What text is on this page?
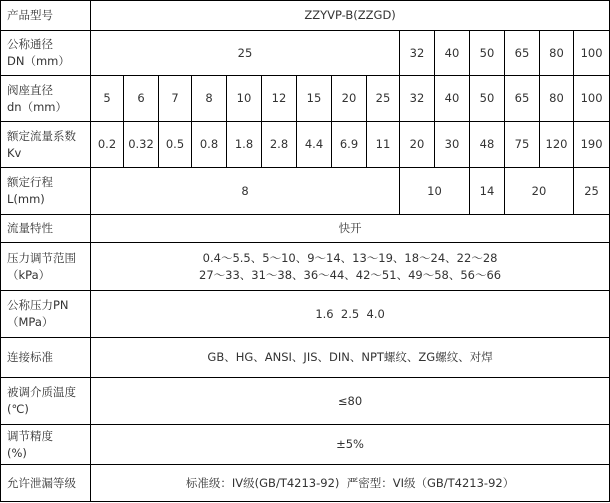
产品型号	ZZYVP-B(ZZGD)														

公称通径
DN（mm）	25									32	40	50	65	80	100

阀座直径
dn（mm）	5	6	7	8	10	12	15	20	25	32	40	50	65	80	100

额定流量系数
Kv	0.2	0.32	0.5	0.8	1.8	2.8	4.4	6.9	11	20	30	48	75	120	190

额定行程
L(mm)	8									10		14	20		25
流量特性	快开														

压力调节范围
（kPa）	0.4～5.5、5～10、9～14、13～19、18～24、22～28
27～33、31～38、36～44、42～51、49～58、56～66														

公称压力PN
（MPa）	1.6  2.5  4.0														
连接标准	GB、HG、ANSI、JIS、DIN、NPT螺纹、ZG螺纹、对焊														

被调介质温度
(℃)	≤80														

调节精度
(%)	±5%														
允许泄漏等级	标准级：IV级(GB/T4213-92)  严密型：VI级（GB/T4213-92）														
